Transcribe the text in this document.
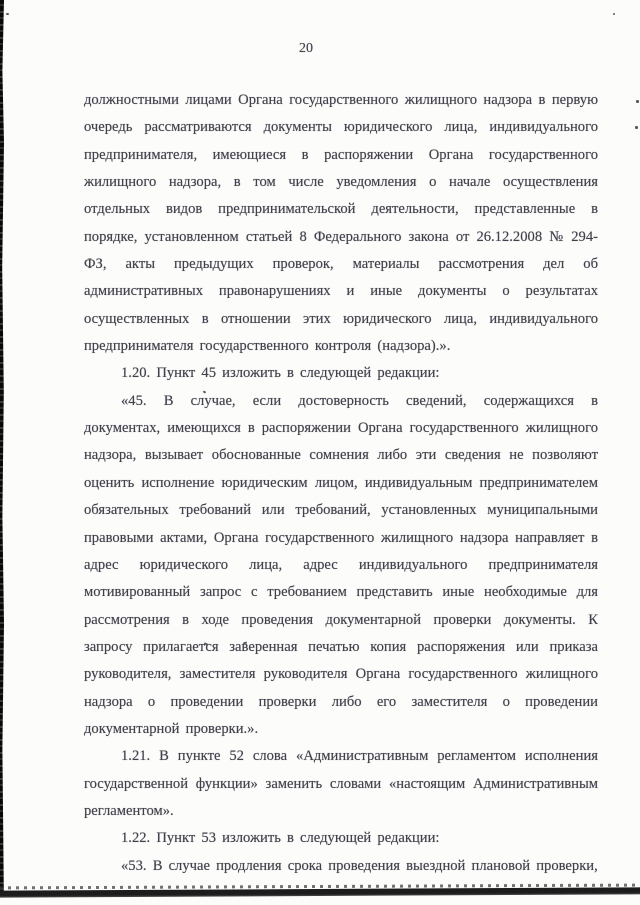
20

должностными лицами Органа государственного жилищного надзора в первую очередь рассматриваются документы юридического лица, индивидуального предпринимателя, имеющиеся в распоряжении Органа государственного жилищного надзора, в том числе уведомления о начале осуществления отдельных видов предпринимательской деятельности, представленные в порядке, установленном статьей 8 Федерального закона от 26.12.2008 № 294-ФЗ, акты предыдущих проверок, материалы рассмотрения дел об административных правонарушениях и иные документы о результатах осуществленных в отношении этих юридического лица, индивидуального предпринимателя государственного контроля (надзора).».

1.20. Пункт 45 изложить в следующей редакции:

«45. В случае, если достоверность сведений, содержащихся в документах, имеющихся в распоряжении Органа государственного жилищного надзора, вызывает обоснованные сомнения либо эти сведения не позволяют оценить исполнение юридическим лицом, индивидуальным предпринимателем обязательных требований или требований, установленных муниципальными правовыми актами, Органа государственного жилищного надзора направляет в адрес юридического лица, адрес индивидуального предпринимателя мотивированный запрос с требованием представить иные необходимые для рассмотрения в ходе проведения документарной проверки документы. К запросу прилагается заверенная печатью копия распоряжения или приказа руководителя, заместителя руководителя Органа государственного жилищного надзора о проведении проверки либо его заместителя о проведении документарной проверки.».

1.21. В пункте 52 слова «Административным регламентом исполнения государственной функции» заменить словами «настоящим Административным регламентом».

1.22. Пункт 53 изложить в следующей редакции:

«53. В случае продления срока проведения выездной плановой проверки,
